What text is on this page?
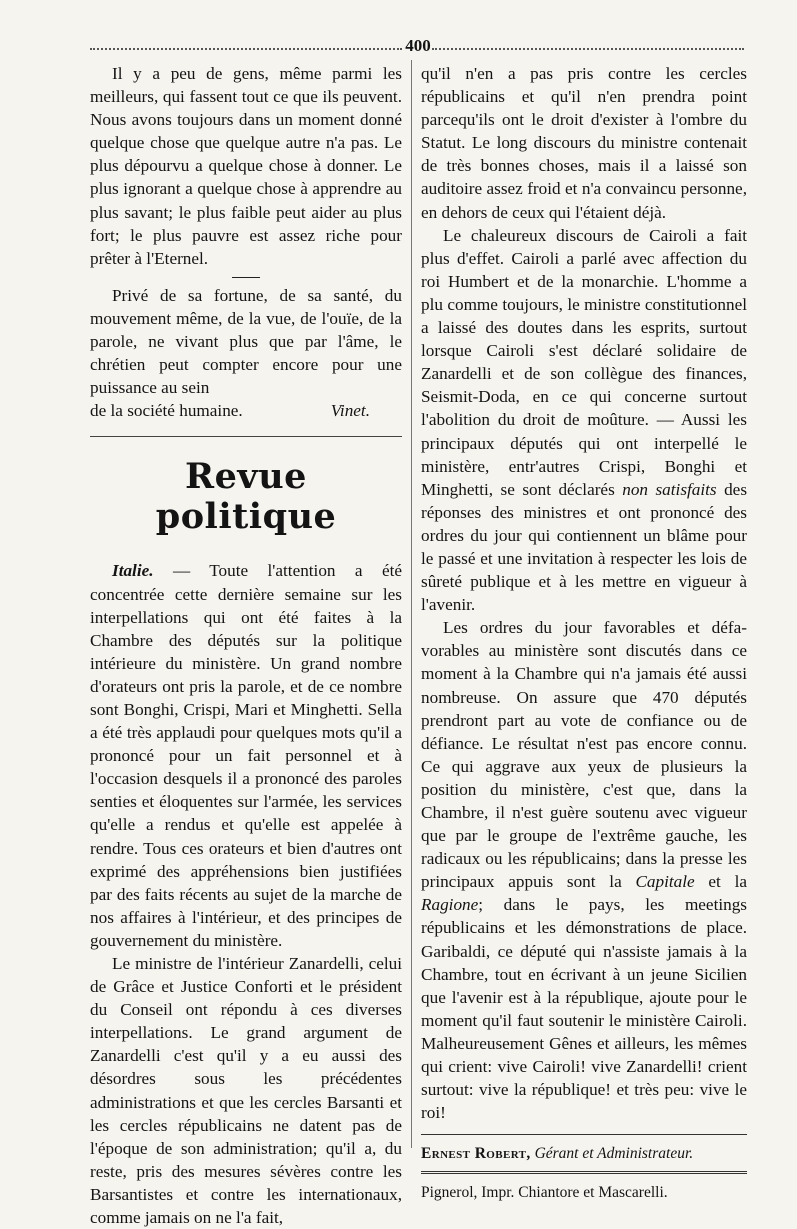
400

Il y a peu de gens, même parmi les meilleurs, qui fassent tout ce que ils peuvent. Nous avons toujours dans un moment donné quelque chose que quelque autre n'a pas. Le plus dépourvu a quelque chose à donner. Le plus ignorant a quelque chose à apprendre au plus savant; le plus faible peut aider au plus fort; le plus pauvre est assez riche pour prêter à l'Eternel.

Privé de sa fortune, de sa santé, du mouvement même, de la vue, de l'ouïe, de la parole, ne vivant plus que par l'âme, le chrétien peut compter encore pour une puissance au sein

de la société humaine.	Vinet.
Revue politique

Italie. — Toute l'attention a été concentrée cette dernière semaine sur les interpellations qui ont été faites à la Chambre des députés sur la politique intérieure du ministère. Un grand nombre d'orateurs ont pris la parole, et de ce nombre sont Bonghi, Crispi, Mari et Minghetti. Sella a été très applaudi pour quelques mots qu'il a prononcé pour un fait personnel et à l'occasion desquels il a prononcé des paroles senties et éloquentes sur l'armée, les services qu'elle a rendus et qu'elle est appelée à rendre. Tous ces orateurs et bien d'autres ont exprimé des appréhensions bien justifiées par des faits récents au sujet de la marche de nos affaires à l'intérieur, et des principes de gouvernement du ministère.

Le ministre de l'intérieur Zanardelli, celui de Grâce et Justice Conforti et le président du Conseil ont répondu à ces diverses interpellations. Le grand argument de Zanardelli c'est qu'il y a eu aussi des désordres sous les précédentes administrations et que les cercles Barsanti et les cercles républicains ne datent pas de l'époque de son administration; qu'il a, du reste, pris des mesures sévères contre les Barsantistes et contre les internationaux, comme jamais on ne l'a fait,

qu'il n'en a pas pris contre les cercles républicains et qu'il n'en prendra point parcequ'ils ont le droit d'exister à l'ombre du Statut. Le long discours du ministre contenait de très bonnes choses, mais il a laissé son auditoire assez froid et n'a convaincu personne, en dehors de ceux qui l'étaient déjà.

Le chaleureux discours de Cairoli a fait plus d'effet. Cairoli a parlé avec affection du roi Humbert et de la monarchie. L'homme a plu comme toujours, le ministre constitutionnel a laissé des doutes dans les esprits, surtout lorsque Cairoli s'est déclaré solidaire de Zanardelli et de son collègue des finances, Seismit-Doda, en ce qui concerne surtout l'abolition du droit de moûture. — Aussi les principaux députés qui ont interpellé le ministère, entr'autres Crispi, Bonghi et Minghetti, se sont déclarés non satisfaits des réponses des ministres et ont prononcé des ordres du jour qui contiennent un blâme pour le passé et une invitation à respecter les lois de sûreté publique et à les mettre en vigueur à l'avenir.

Les ordres du jour favorables et défavorables au ministère sont discutés dans ce moment à la Chambre qui n'a jamais été aussi nombreuse. On assure que 470 députés prendront part au vote de confiance ou de défiance. Le résultat n'est pas encore connu. Ce qui aggrave aux yeux de plusieurs la position du ministère, c'est que, dans la Chambre, il n'est guère soutenu avec vigueur que par le groupe de l'extrême gauche, les radicaux ou les républicains; dans la presse les principaux appuis sont la Capitale et la Ragione; dans le pays, les meetings républicains et les démonstrations de place. Garibaldi, ce député qui n'assiste jamais à la Chambre, tout en écrivant à un jeune Sicilien que l'avenir est à la république, ajoute pour le moment qu'il faut soutenir le ministère Cairoli. Malheureusement Gênes et ailleurs, les mêmes qui crient: vive Cairoli! vive Zanardelli! crient surtout: vive la république! et très peu: vive le roi!

Ernest Robert, Gérant et Administrateur.
Pignerol, Impr. Chiantore et Mascarelli.
